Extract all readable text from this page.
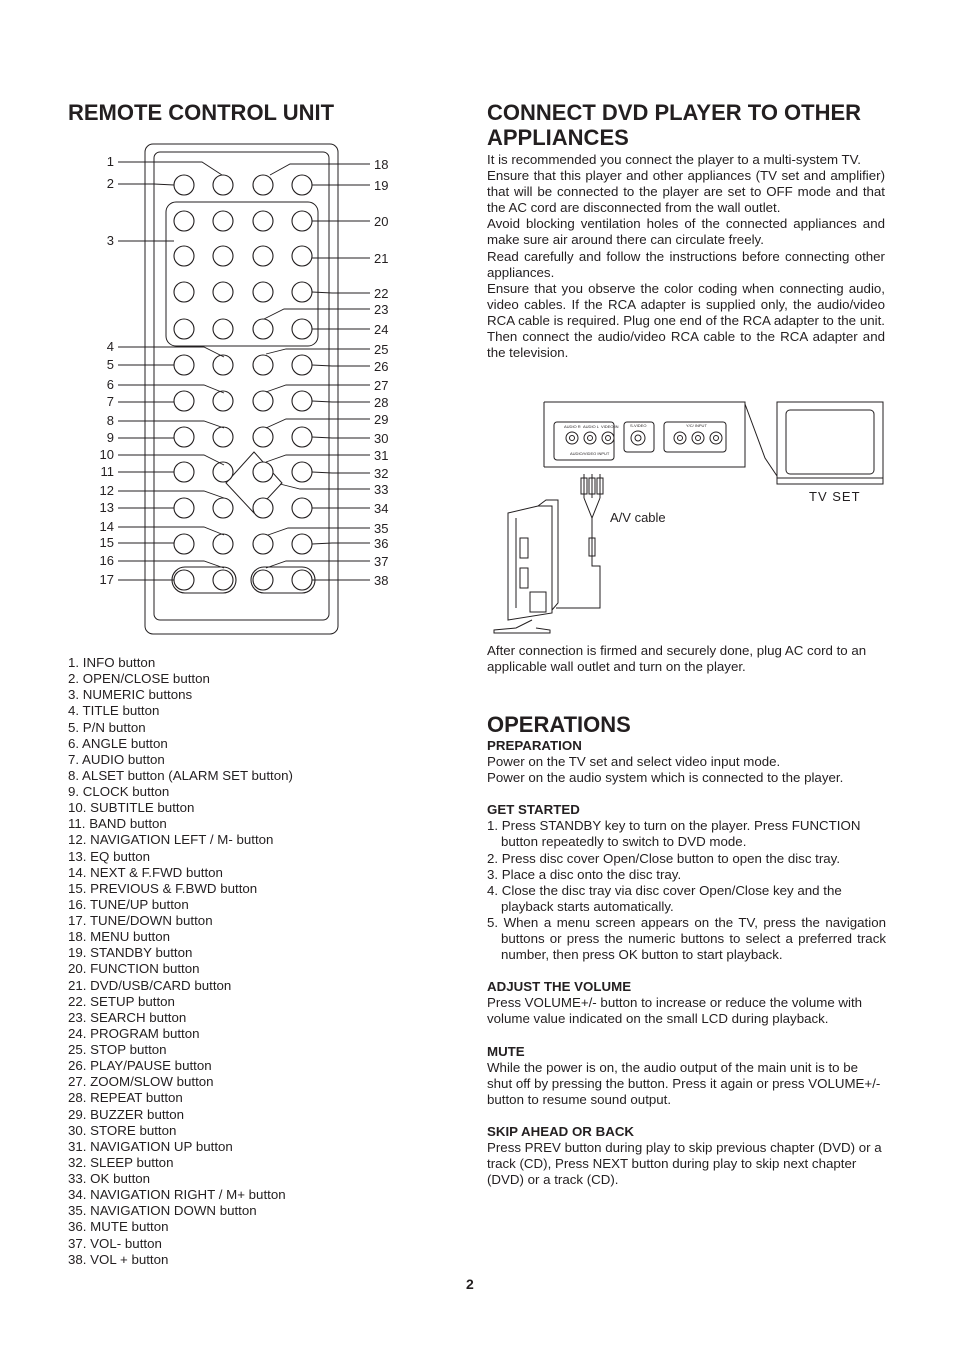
REMOTE CONTROL UNIT
1
2
3
4
5
6
7
8
9
10
11
12
13
14
15
16
17
18
19
20
21
22
23
24
25
26
27
28
29
30
31
32
33
34
35
36
37
38
1. INFO button
2. OPEN/CLOSE button
3. NUMERIC buttons
4. TITLE button
5. P/N button
6. ANGLE button
7. AUDIO button
8. ALSET button (ALARM SET button)
9. CLOCK button
10. SUBTITLE button
11. BAND button
12. NAVIGATION LEFT / M- button
13. EQ button
14. NEXT & F.FWD button
15. PREVIOUS & F.BWD button
16. TUNE/UP button
17. TUNE/DOWN button
18. MENU button
19. STANDBY button
20. FUNCTION button
21. DVD/USB/CARD button
22. SETUP button
23. SEARCH button
24. PROGRAM button
25. STOP button
26. PLAY/PAUSE button
27. ZOOM/SLOW button
28. REPEAT button
29. BUZZER button
30. STORE button
31. NAVIGATION UP button
32. SLEEP button
33. OK button
34. NAVIGATION RIGHT / M+ button
35. NAVIGATION DOWN button
36. MUTE button
37. VOL- button
38. VOL + button
CONNECT DVD PLAYER TO OTHER
APPLIANCES

It is recommended you connect the player to a multi-system TV.

Ensure that this player and other appliances (TV set and amplifier) that will be connected to the player are set to OFF mode and that the AC cord are disconnected from the wall outlet.

Avoid blocking ventilation holes of the connected appliances and make sure air around there can circulate freely.

Read carefully and follow the instructions before connecting other appliances.

Ensure that you observe the color coding when connecting audio, video cables. If the RCA adapter is supplied only, the audio/video RCA cable is required. Plug one end of the RCA adapter to the unit. Then connect the audio/video RCA cable to the RCA adapter and the television.

AUDIO R AUDIO L VIDEO IN	S-VIDEO	Y/C/ INPUT
AUDIO/VIDEO INPUT
TV SET
A/V cable
After connection is firmed and securely done, plug AC cord to an applicable wall outlet and turn on the player.
OPERATIONS

PREPARATION

Power on the TV set and select video input mode.

Power on the audio system which is connected to the player.

GET STARTED

1. Press STANDBY key to turn on the player. Press FUNCTION button repeatedly to switch to DVD mode.

2. Press disc cover Open/Close button to open the disc tray.

3. Place a disc onto the disc tray.

4. Close the disc tray via disc cover Open/Close key and the playback starts automatically.

5. When a menu screen appears on the TV, press the navigation buttons or press the numeric buttons to select a preferred track number, then press OK button to start playback.

ADJUST THE VOLUME

Press VOLUME+/- button to increase or reduce the volume with volume value indicated on the small LCD during playback.

MUTE

While the power is on, the audio output of the main unit is to be shut off by pressing the button. Press it again or press VOLUME+/- button to resume sound output.

SKIP AHEAD OR BACK

Press PREV button during play to skip previous chapter (DVD) or a track (CD), Press NEXT button during play to skip next chapter (DVD) or a track (CD).

2
